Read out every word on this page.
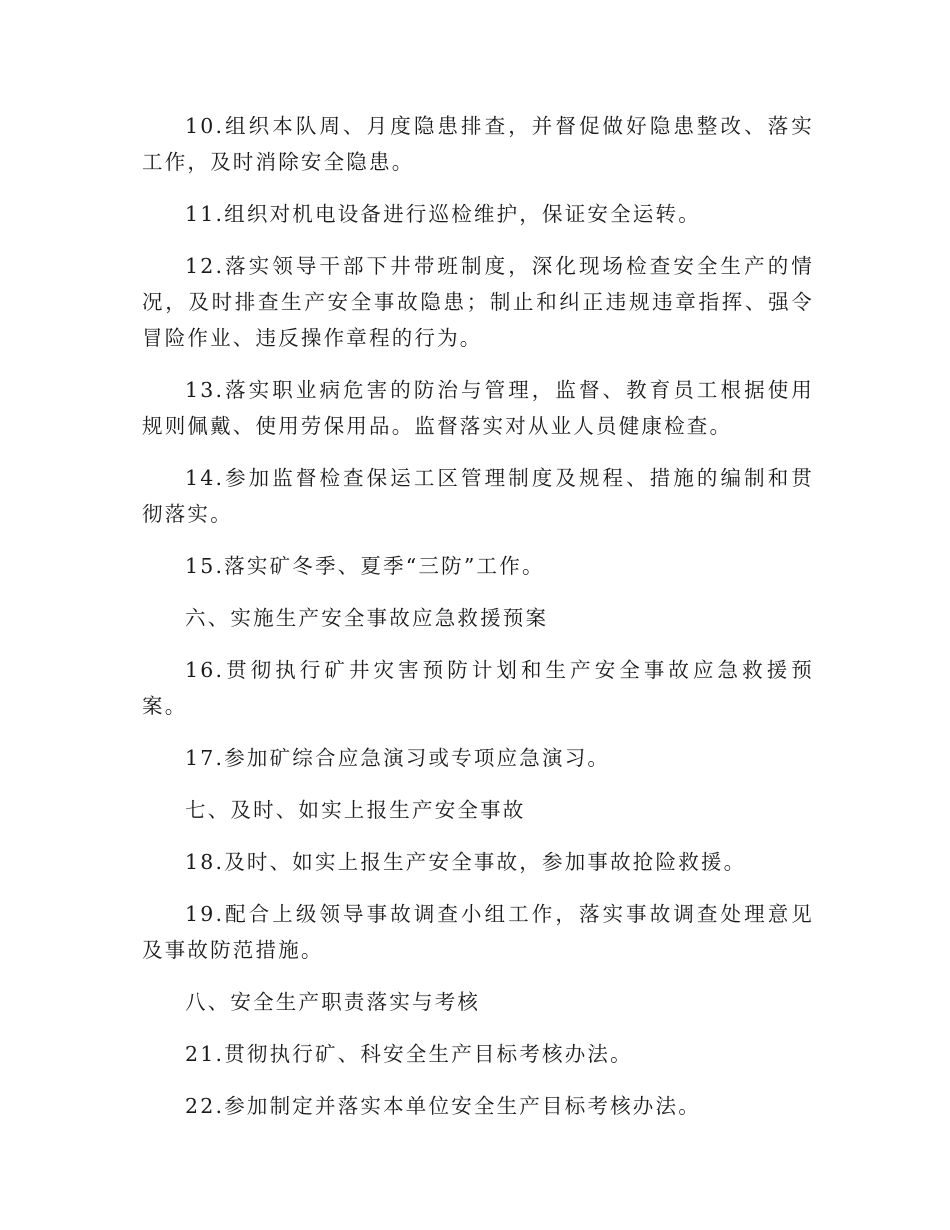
10.组织本队周、月度隐患排查，并督促做好隐患整改、落实工作，及时消除安全隐患。

11.组织对机电设备进行巡检维护，保证安全运转。

12.落实领导干部下井带班制度，深化现场检查安全生产的情况，及时排查生产安全事故隐患；制止和纠正违规违章指挥、强令冒险作业、违反操作章程的行为。

13.落实职业病危害的防治与管理，监督、教育员工根据使用规则佩戴、使用劳保用品。监督落实对从业人员健康检查。

14.参加监督检查保运工区管理制度及规程、措施的编制和贯彻落实。

15.落实矿冬季、夏季“三防”工作。

六、实施生产安全事故应急救援预案

16.贯彻执行矿井灾害预防计划和生产安全事故应急救援预案。

17.参加矿综合应急演习或专项应急演习。

七、及时、如实上报生产安全事故

18.及时、如实上报生产安全事故，参加事故抢险救援。

19.配合上级领导事故调查小组工作，落实事故调查处理意见及事故防范措施。

八、安全生产职责落实与考核

21.贯彻执行矿、科安全生产目标考核办法。

22.参加制定并落实本单位安全生产目标考核办法。
